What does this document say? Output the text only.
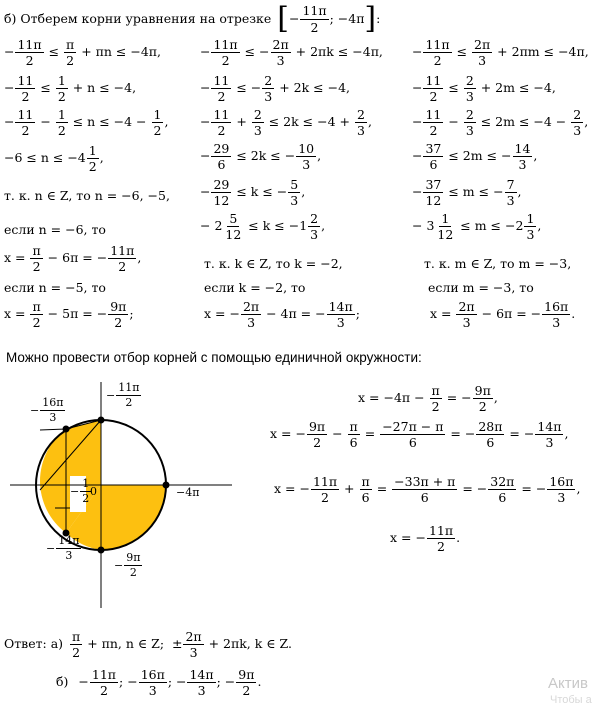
б) Отберем корни уравнения на отрезке [ − $\frac{11\pi}{2}$ ; −4π ] :
− $\frac{11\pi}{2} \le \frac{\pi}{2} + \pi n \le -4\pi$,
− $\frac{11}{2} \le \frac{1}{2} + n \le -4$,
− $\frac{11}{2} - \frac{1}{2} \le n \le -4 - \frac{1}{2}$ ,
−6 ≤ n ≤ −4 1
2
,
т. к. n ∈ Z, то n = −6, −5,
если n = −6, то
$x = \frac{\pi}{2} - 6\pi$ = − $\frac{11\pi}{2}$ ,
если n = −5, то
$x = \frac{\pi}{2} - 5\pi$ = − $\frac{9\pi}{2}$ ;
− $\frac{11\pi}{2}$ ≤ − $\frac{2\pi}{3} + 2\pi k \le -4\pi$,
− $\frac{11}{2}$ ≤ − $\frac{2}{3} + 2k \le -4$,
− $\frac{11}{2} + \frac{2}{3} \le 2k \le -4 + \frac{2}{3}$ ,
− $\frac{29}{6} \le 2k$ ≤ − $\frac{10}{3}$ ,
− $\frac{29}{12} \le k$ ≤ − $\frac{5}{3}$ ,
− $2 \frac{5}{12} \le k \le -1$ 2
3
,
т. к. k ∈ Z, то k = −2,
если k = −2, то
x = − $\frac{2\pi}{3} - 4\pi$ = − $\frac{14\pi}{3}$ ;
− $\frac{11\pi}{2} \le \frac{2\pi}{3} + 2\pi m \le -4\pi$,
− $\frac{11}{2} \le \frac{2}{3} + 2m \le -4$,
− $\frac{11}{2} - \frac{2}{3} \le 2m \le -4 - \frac{2}{3}$ ,
− $\frac{37}{6} \le 2m$ ≤ − $\frac{14}{3}$ ,
− $\frac{37}{12} \le m$ ≤ − $\frac{7}{3}$ ,
− $3 \frac{1}{12} \le m \le -2$ 1
3
,
т. к. m ∈ Z, то m = −3,
если m = −3, то
$x = \frac{2\pi}{3} - 6\pi$ = − $\frac{16\pi}{3}$ .
Можно провести отбор корней с помощью единичной окружности:
− $\frac{11\pi}{2}$
− $\frac{16\pi}{3}$
−4π
− $\frac{14\pi}{3}$
− $\frac{9\pi}{2}$
− $\frac{1}{2}$
0
$x = -4\pi - \frac{\pi}{2}$ = − $\frac{9\pi}{2}$ ,
x = − $\frac{9\pi}{2} - \frac{\pi}{6} = \frac{-27\pi - \pi}{6}$ = − $\frac{28\pi}{6}$ = − $\frac{14\pi}{3}$ ,
x = − $\frac{11\pi}{2} + \frac{\pi}{6} = \frac{-33\pi + \pi}{6}$ = − $\frac{32\pi}{6}$ = − $\frac{16\pi}{3}$ ,
x = − $\frac{11\pi}{2}$ .
Ответ: а) π
2
+ πn, n ∈ Z;  ± $\frac{2\pi}{3} + 2\pi k$, k ∈ Z.
$б) - \frac{11\pi}{2}$ ; − $\frac{16\pi}{3}$ ; − $\frac{14\pi}{3}$ ; − $\frac{9\pi}{2}$ .	Актив
Чтобы а
